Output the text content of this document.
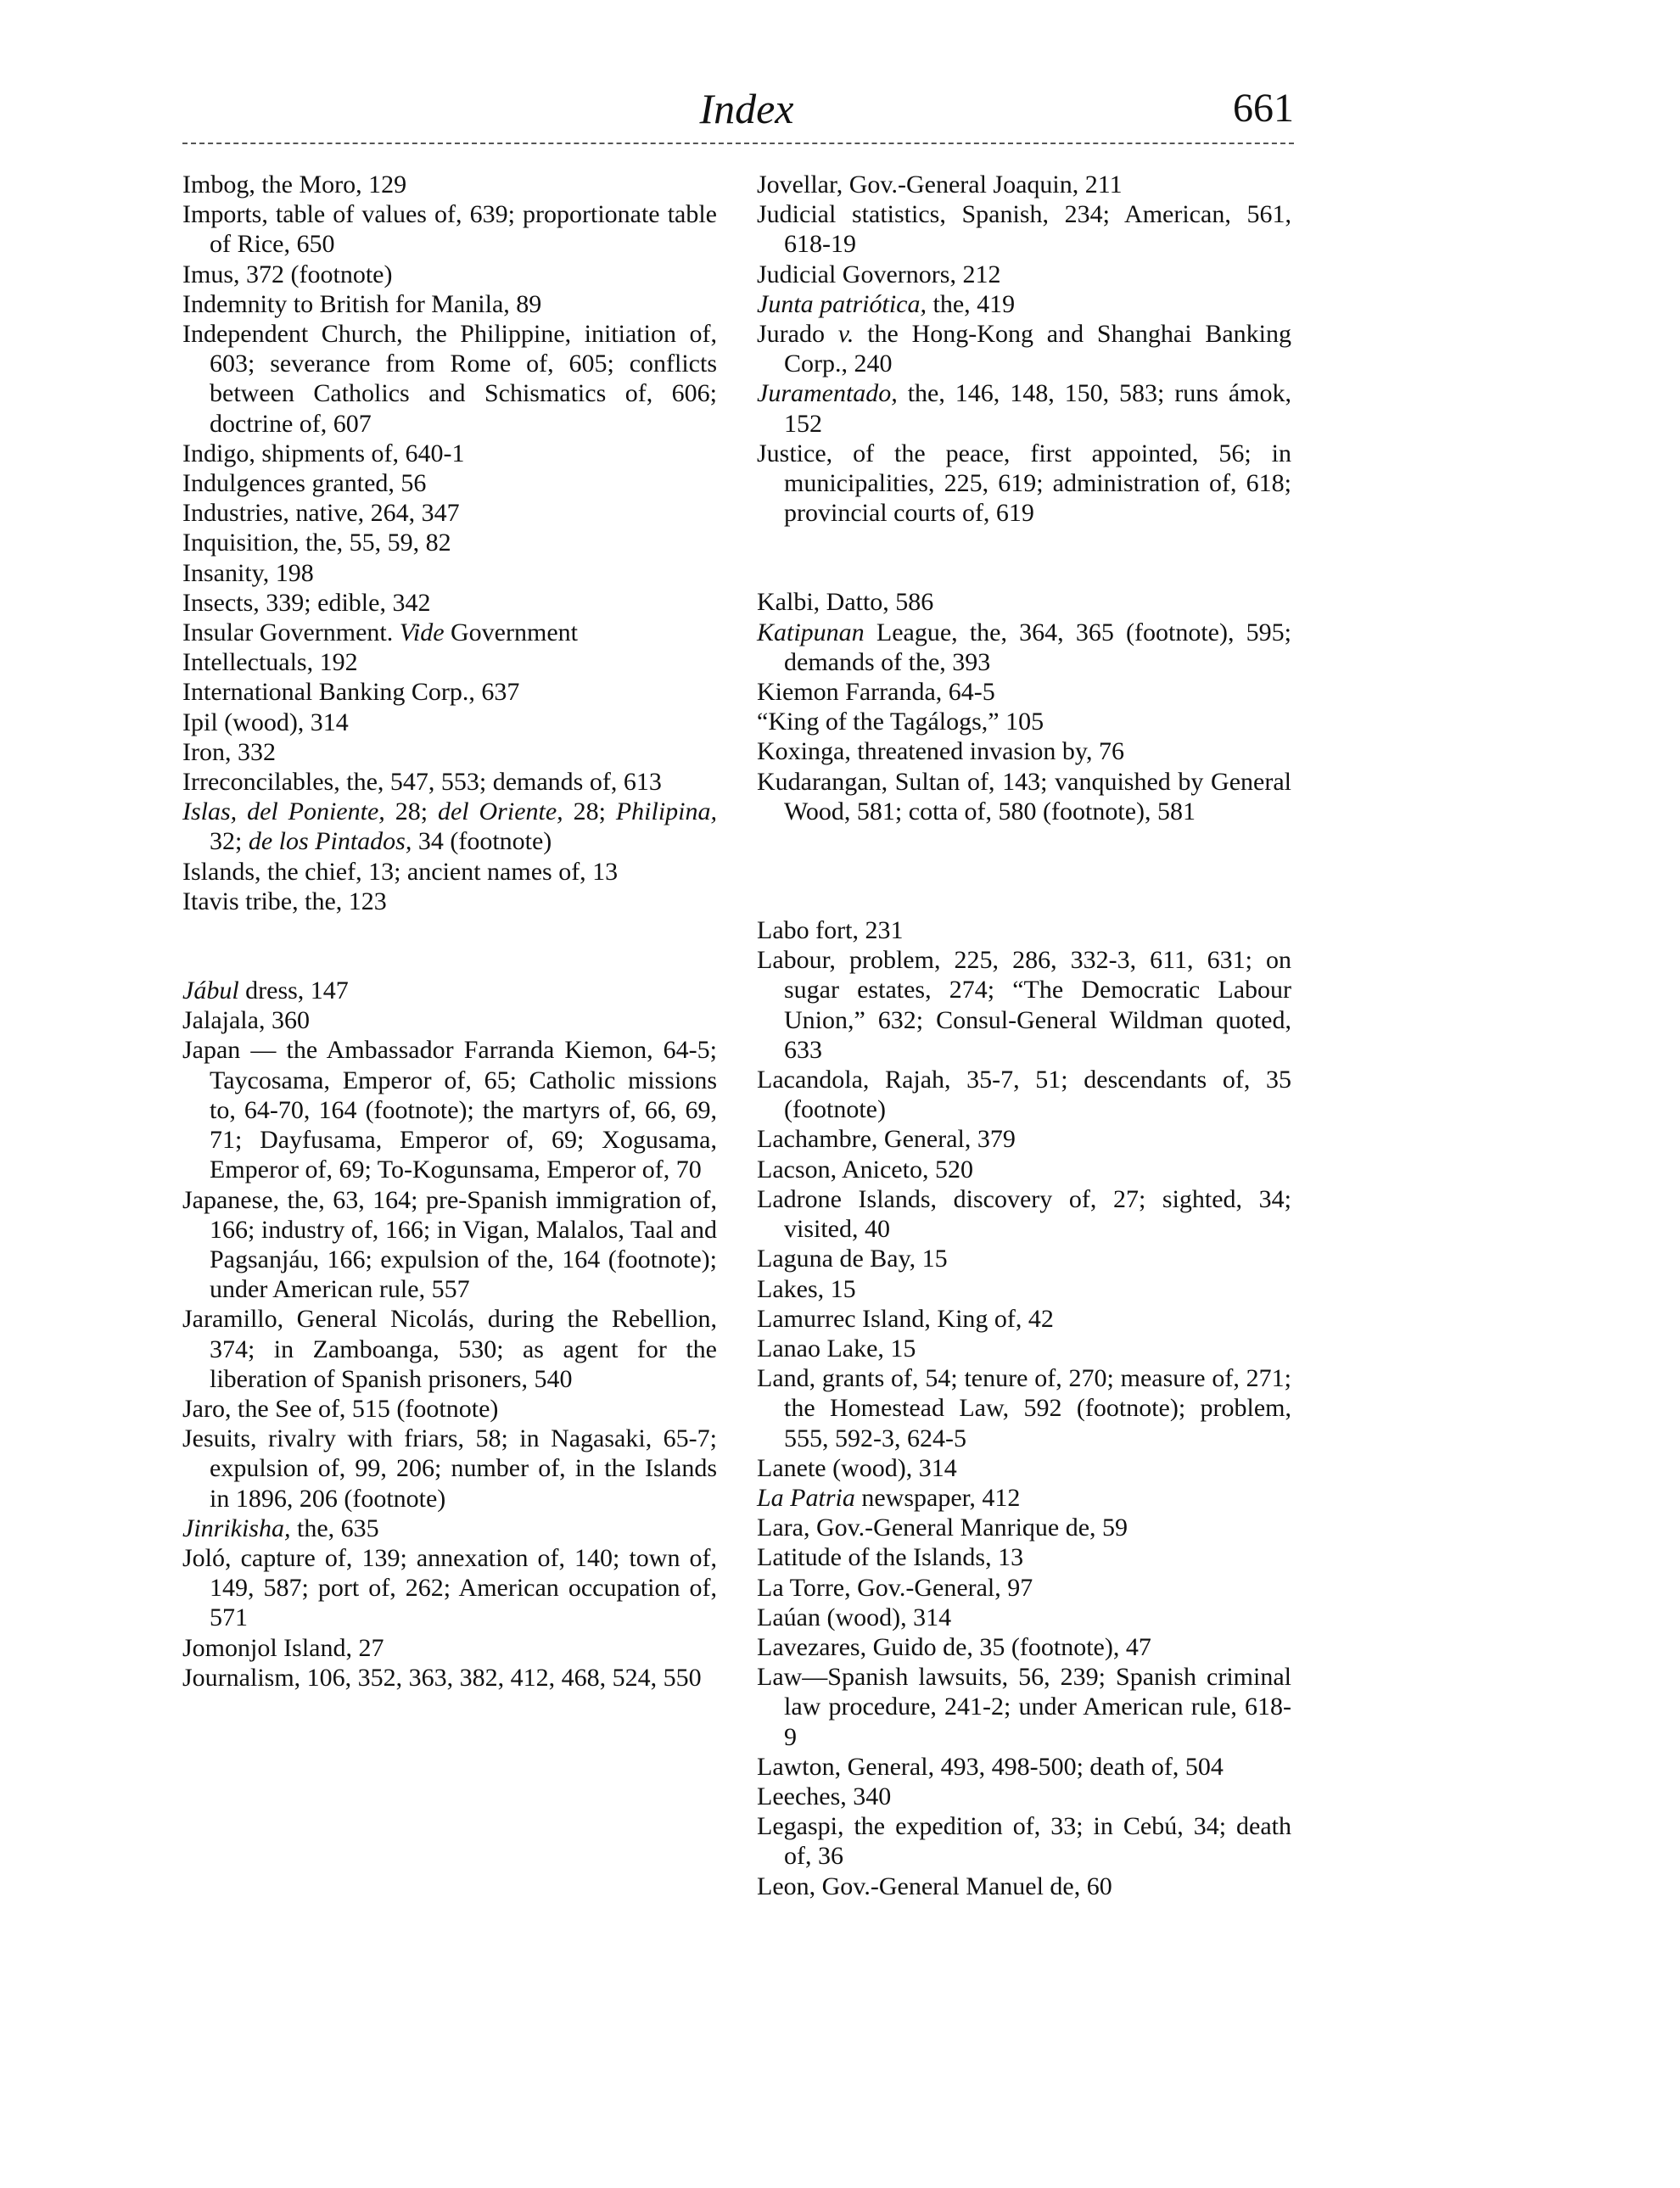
Index	661
Imbog, the Moro, 129
Imports, table of values of, 639; proportionate table of Rice, 650
Imus, 372 (footnote)
Indemnity to British for Manila, 89
Independent Church, the Philippine, initiation of, 603; severance from Rome of, 605; conflicts between Catholics and Schismatics of, 606; doctrine of, 607
Indigo, shipments of, 640-1
Indulgences granted, 56
Industries, native, 264, 347
Inquisition, the, 55, 59, 82
Insanity, 198
Insects, 339; edible, 342
Insular Government. Vide Government
Intellectuals, 192
International Banking Corp., 637
Ipil (wood), 314
Iron, 332
Irreconcilables, the, 547, 553; demands of, 613
Islas, del Poniente, 28; del Oriente, 28; Philipina, 32; de los Pintados, 34 (footnote)
Islands, the chief, 13; ancient names of, 13
Itavis tribe, the, 123
Jábul dress, 147
Jalajala, 360
Japan — the Ambassador Farranda Kiemon, 64-5; Taycosama, Emperor of, 65; Catholic missions to, 64-70, 164 (footnote); the martyrs of, 66, 69, 71; Dayfusama, Emperor of, 69; Xogusama, Emperor of, 69; To-Kogunsama, Emperor of, 70
Japanese, the, 63, 164; pre-Spanish immigration of, 166; industry of, 166; in Vigan, Malalos, Taal and Pagsanjáu, 166; expulsion of the, 164 (footnote); under American rule, 557
Jaramillo, General Nicolás, during the Rebellion, 374; in Zamboanga, 530; as agent for the liberation of Spanish prisoners, 540
Jaro, the See of, 515 (footnote)
Jesuits, rivalry with friars, 58; in Nagasaki, 65-7; expulsion of, 99, 206; number of, in the Islands in 1896, 206 (footnote)
Jinrikisha, the, 635
Joló, capture of, 139; annexation of, 140; town of, 149, 587; port of, 262; American occupation of, 571
Jomonjol Island, 27
Journalism, 106, 352, 363, 382, 412, 468, 524, 550
Jovellar, Gov.-General Joaquin, 211
Judicial statistics, Spanish, 234; American, 561, 618-19
Judicial Governors, 212
Junta patriótica, the, 419
Jurado v. the Hong-Kong and Shanghai Banking Corp., 240
Juramentado, the, 146, 148, 150, 583; runs ámok, 152
Justice, of the peace, first appointed, 56; in municipalities, 225, 619; administration of, 618; provincial courts of, 619
Kalbi, Datto, 586
Katipunan League, the, 364, 365 (footnote), 595; demands of the, 393
Kiemon Farranda, 64-5
“King of the Tagálogs,” 105
Koxinga, threatened invasion by, 76
Kudarangan, Sultan of, 143; vanquished by General Wood, 581; cotta of, 580 (footnote), 581
Labo fort, 231
Labour, problem, 225, 286, 332-3, 611, 631; on sugar estates, 274; “The Democratic Labour Union,” 632; Consul-General Wildman quoted, 633
Lacandola, Rajah, 35-7, 51; descendants of, 35 (footnote)
Lachambre, General, 379
Lacson, Aniceto, 520
Ladrone Islands, discovery of, 27; sighted, 34; visited, 40
Laguna de Bay, 15
Lakes, 15
Lamurrec Island, King of, 42
Lanao Lake, 15
Land, grants of, 54; tenure of, 270; measure of, 271; the Homestead Law, 592 (footnote); problem, 555, 592-3, 624-5
Lanete (wood), 314
La Patria newspaper, 412
Lara, Gov.-General Manrique de, 59
Latitude of the Islands, 13
La Torre, Gov.-General, 97
Laúan (wood), 314
Lavezares, Guido de, 35 (footnote), 47
Law—Spanish lawsuits, 56, 239; Spanish criminal law procedure, 241-2; under American rule, 618-9
Lawton, General, 493, 498-500; death of, 504
Leeches, 340
Legaspi, the expedition of, 33; in Cebú, 34; death of, 36
Leon, Gov.-General Manuel de, 60
